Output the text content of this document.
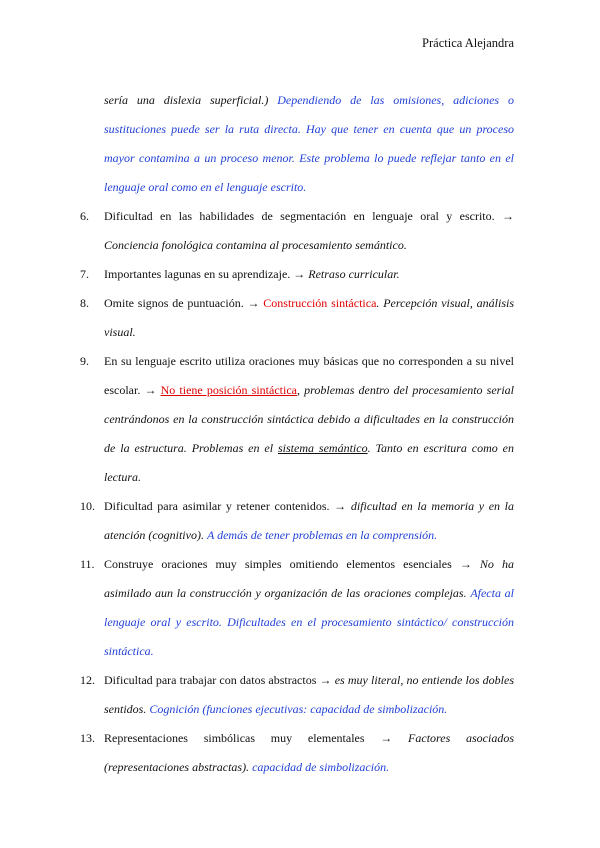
Práctica Alejandra

sería una dislexia superficial.) Dependiendo de las omisiones, adiciones o sustituciones puede ser la ruta directa. Hay que tener en cuenta que un proceso mayor contamina a un proceso menor. Este problema lo puede reflejar tanto en el lenguaje oral como en el lenguaje escrito.

6.	Dificultad en las habilidades de segmentación en lenguaje oral y escrito. → Conciencia fonológica contamina al procesamiento semántico.
7.	Importantes lagunas en su aprendizaje. → Retraso curricular.
8.	Omite signos de puntuación. → Construcción sintáctica. Percepción visual, análisis visual.
9.	En su lenguaje escrito utiliza oraciones muy básicas que no corresponden a su nivel escolar. → No tiene posición sintáctica, problemas dentro del procesamiento serial centrándonos en la construcción sintáctica debido a dificultades en la construcción de la estructura. Problemas en el sistema semántico. Tanto en escritura como en lectura.
10. Dificultad para asimilar y retener contenidos. → dificultad en la memoria y en la atención (cognitivo). A demás de tener problemas en la comprensión.
11. Construye oraciones muy simples omitiendo elementos esenciales → No ha asimilado aun la construcción y organización de las oraciones complejas. Afecta al lenguaje oral y escrito. Dificultades en el procesamiento sintáctico/ construcción sintáctica.
12. Dificultad para trabajar con datos abstractos → es muy literal, no entiende los dobles sentidos. Cognición (funciones ejecutivas: capacidad de simbolización.
13. Representaciones simbólicas muy elementales → Factores asociados (representaciones abstractas). capacidad de simbolización.
